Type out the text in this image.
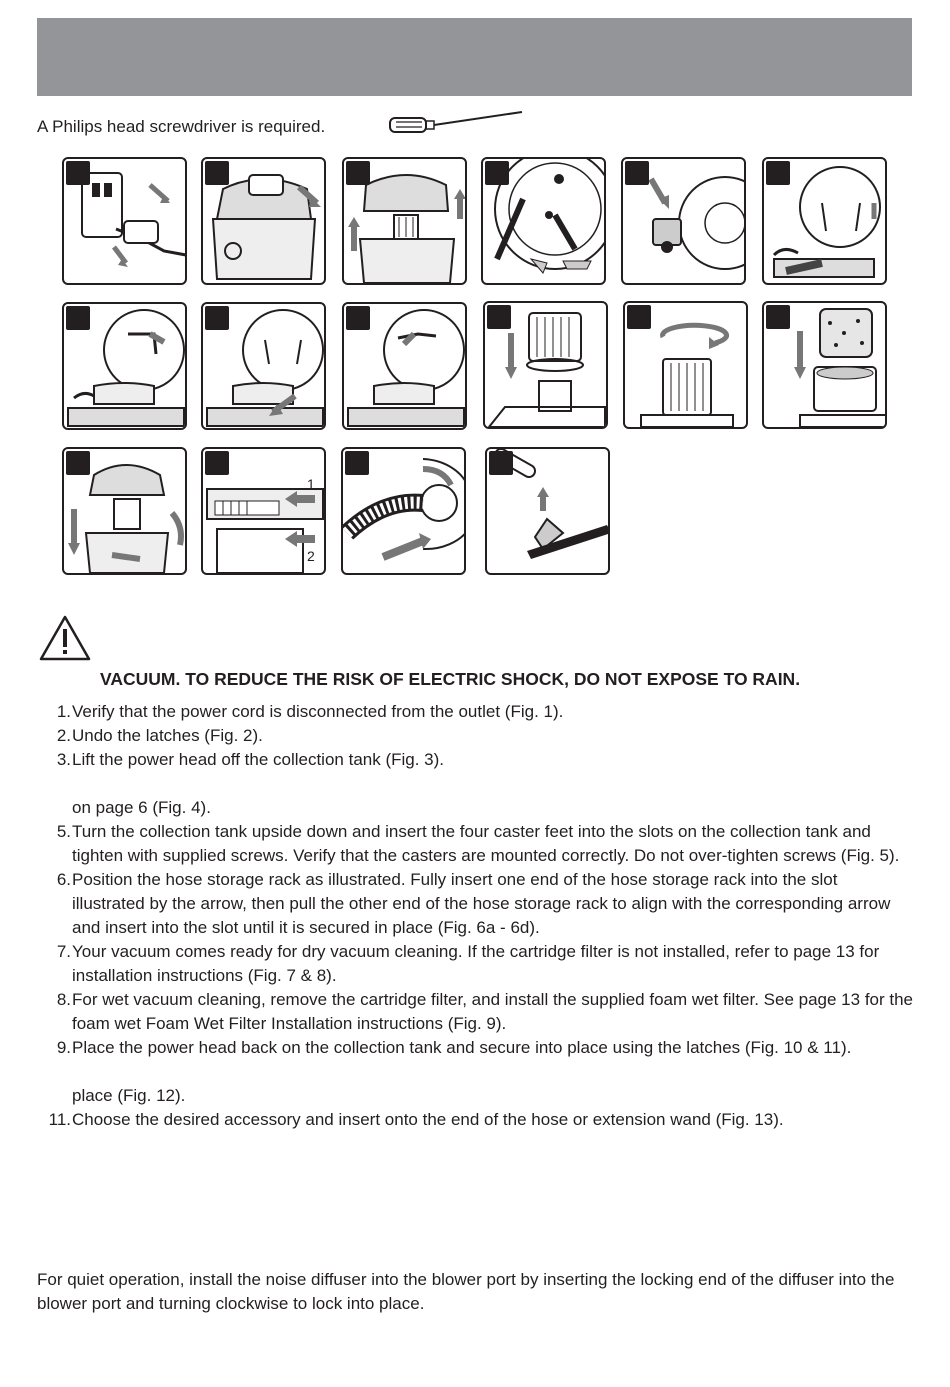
A Philips head screwdriver is required.
1
2
VACUUM. TO REDUCE THE RISK OF ELECTRIC SHOCK, DO NOT EXPOSE TO RAIN.
1. Verify that the power cord is disconnected from the outlet (Fig. 1).
2. Undo the latches (Fig. 2).
3. Lift the power head off the collection tank (Fig. 3).
on page 6 (Fig. 4).
5. Turn the collection tank upside down and insert the four caster feet into the slots on the collection tank and tighten with supplied screws. Verify that the casters are mounted correctly. Do not over-tighten screws (Fig. 5).
6. Position the hose storage rack as illustrated. Fully insert one end of the hose storage rack into the slot illustrated by the arrow, then pull the other end of the hose storage rack to align with the corresponding arrow and insert into the slot until it is secured in place (Fig. 6a - 6d).
7. Your vacuum comes ready for dry vacuum cleaning. If the cartridge filter is not installed, refer to page 13 for installation instructions (Fig. 7 & 8).
8. For wet vacuum cleaning, remove the cartridge filter, and install the supplied foam wet filter. See page 13 for the foam wet Foam Wet Filter Installation instructions (Fig. 9).
9. Place the power head back on the collection tank and secure into place using the latches (Fig. 10 & 11).
place (Fig. 12).
11. Choose the desired accessory and insert onto the end of the hose or extension wand (Fig. 13).
For quiet operation, install the noise diffuser into the blower port by inserting the locking end of the diffuser into the blower port and turning clockwise to lock into place.
